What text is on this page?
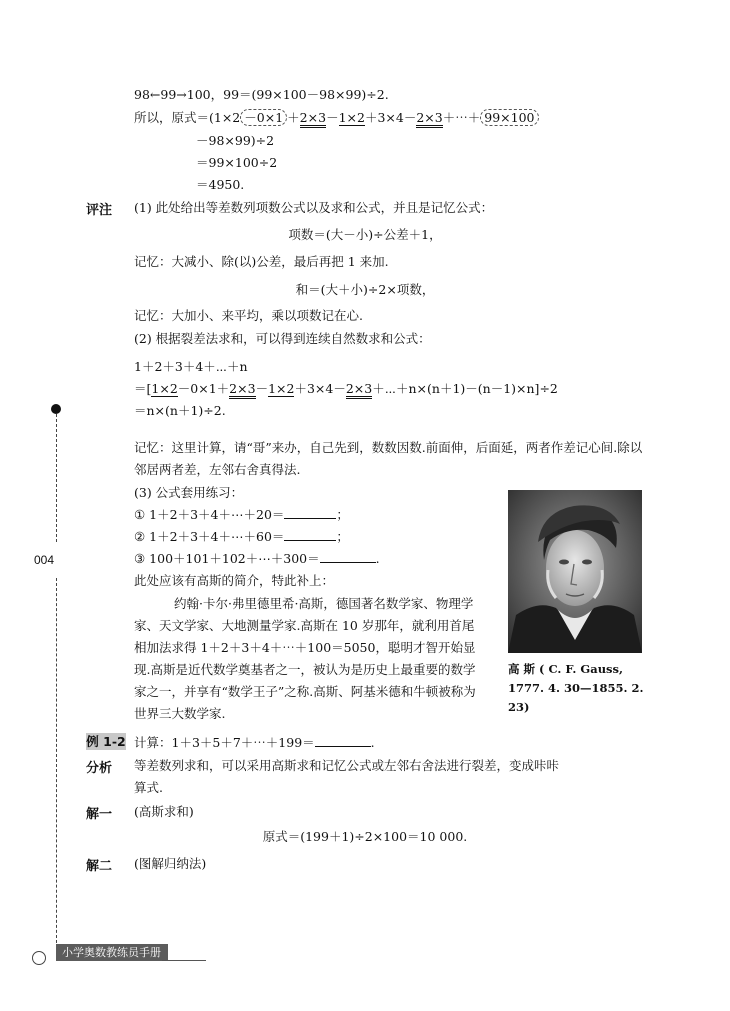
004
小学奥数教练员手册
98←99→100，99＝(99×100－98×99)÷2.
所以，原式＝(1×2 －0×1 ＋2×3－1×2＋3×4－2×3＋⋯＋ 99×100
－98×99)÷2
＝99×100÷2
＝4950.
评注 (1) 此处给出等差数列项数公式以及求和公式，并且是记忆公式：
项数＝(大－小)÷公差＋1，
记忆：大减小、除(以)公差，最后再把 1 来加.
和＝(大＋小)÷2×项数，
记忆：大加小、来平均，乘以项数记在心.
(2) 根据裂差法求和，可以得到连续自然数求和公式：
1＋2＋3＋4＋⋯＋n
＝[1×2－0×1＋2×3－1×2＋3×4－2×3＋⋯＋n×(n＋1)－(n－1)×n]÷2
＝n×(n＋1)÷2.
记忆：这里计算，请“哥”来办，自己先到，数数因数.前面伸，后面延，两者作差记心间.除以
邻居两者差，左邻右舍真得法.
(3) 公式套用练习：
① 1＋2＋3＋4＋⋯＋20＝	；
② 1＋2＋3＋4＋⋯＋60＝	；
③ 100＋101＋102＋⋯＋300＝	.
此处应该有高斯的简介，特此补上：
约翰·卡尔·弗里德里希·高斯，德国著名数学家、物理学家、天文学家、大地测量学家.高斯在 10 岁那年，就利用首尾相加法求得 1＋2＋3＋4＋⋯＋100＝5050，聪明才智开始显现.高斯是近代数学奠基者之一，被认为是历史上最重要的数学家之一，并享有“数学王子”之称.高斯、阿基米德和牛顿被称为世界三大数学家.
高 斯 ( C. F. Gauss, 1777. 4. 30—1855. 2. 23)
例 1-2 计算：1＋3＋5＋7＋⋯＋199＝	.
分析 等差数列求和，可以采用高斯求和记忆公式或左邻右舍法进行裂差，变成咔咔
算式.
解一 (高斯求和)
原式＝(199＋1)÷2×100＝10 000.
解二 (图解归纳法)
